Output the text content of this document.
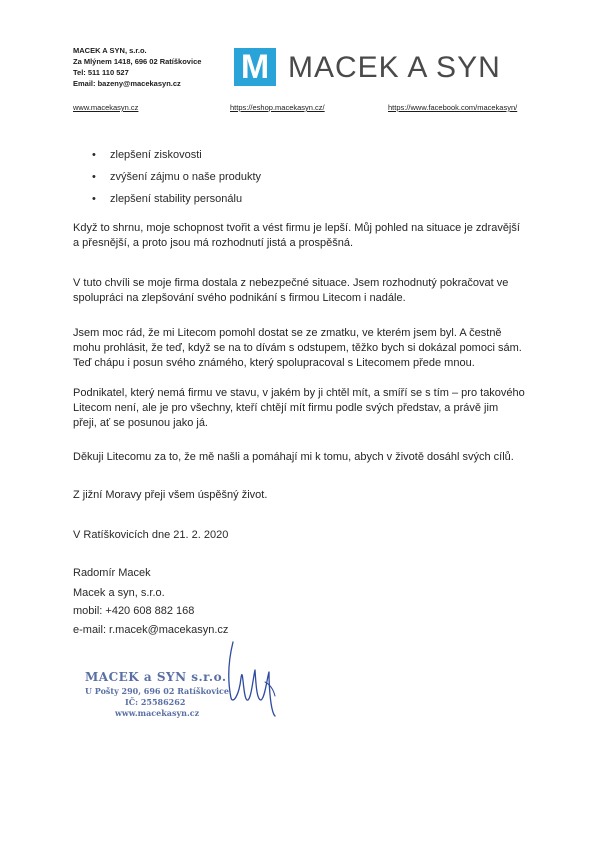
MACEK A SYN, s.r.o.
Za Mlýnem 1418, 696 02 Ratíškovice
Tel: 511 110 527
Email: bazeny@macekasyn.cz	M MACEK A SYN
www.macekasyn.cz	https://eshop.macekasyn.cz/	https://www.facebook.com/macekasyn/
• zlepšení ziskovosti
• zvýšení zájmu o naše produkty
• zlepšení stability personálu

Když to shrnu, moje schopnost tvořit a vést firmu je lepší. Můj pohled na situace je zdravější

a přesnější, a proto jsou má rozhodnutí jistá a prospěšná.

V tuto chvíli se moje firma dostala z nebezpečné situace. Jsem rozhodnutý pokračovat ve

spolupráci na zlepšování svého podnikání s firmou Litecom i nadále.

Jsem moc rád, že mi Litecom pomohl dostat se ze zmatku, ve kterém jsem byl. A čestně

mohu prohlásit, že teď, když se na to dívám s odstupem, těžko bych si dokázal pomoci sám.

Teď chápu i posun svého známého, který spolupracoval s Litecomem přede mnou.

Podnikatel, který nemá firmu ve stavu, v jakém by ji chtěl mít, a smíří se s tím – pro takového

Litecom není, ale je pro všechny, kteří chtějí mít firmu podle svých představ, a právě jim

přeji, ať se posunou jako já.

Děkuji Litecomu za to, že mě našli a pomáhají mi k tomu, abych v životě dosáhl svých cílů.

Z jižní Moravy přeji všem úspěšný život.

V Ratíškovicích dne 21. 2. 2020
Radomír Macek
Macek a syn, s.r.o.
mobil: +420 608 882 168
e-mail: r.macek@macekasyn.cz
MACEK a SYN s.r.o.
U Pošty 290, 696 02 Ratíškovice
IČ: 25586262
www.macekasyn.cz
